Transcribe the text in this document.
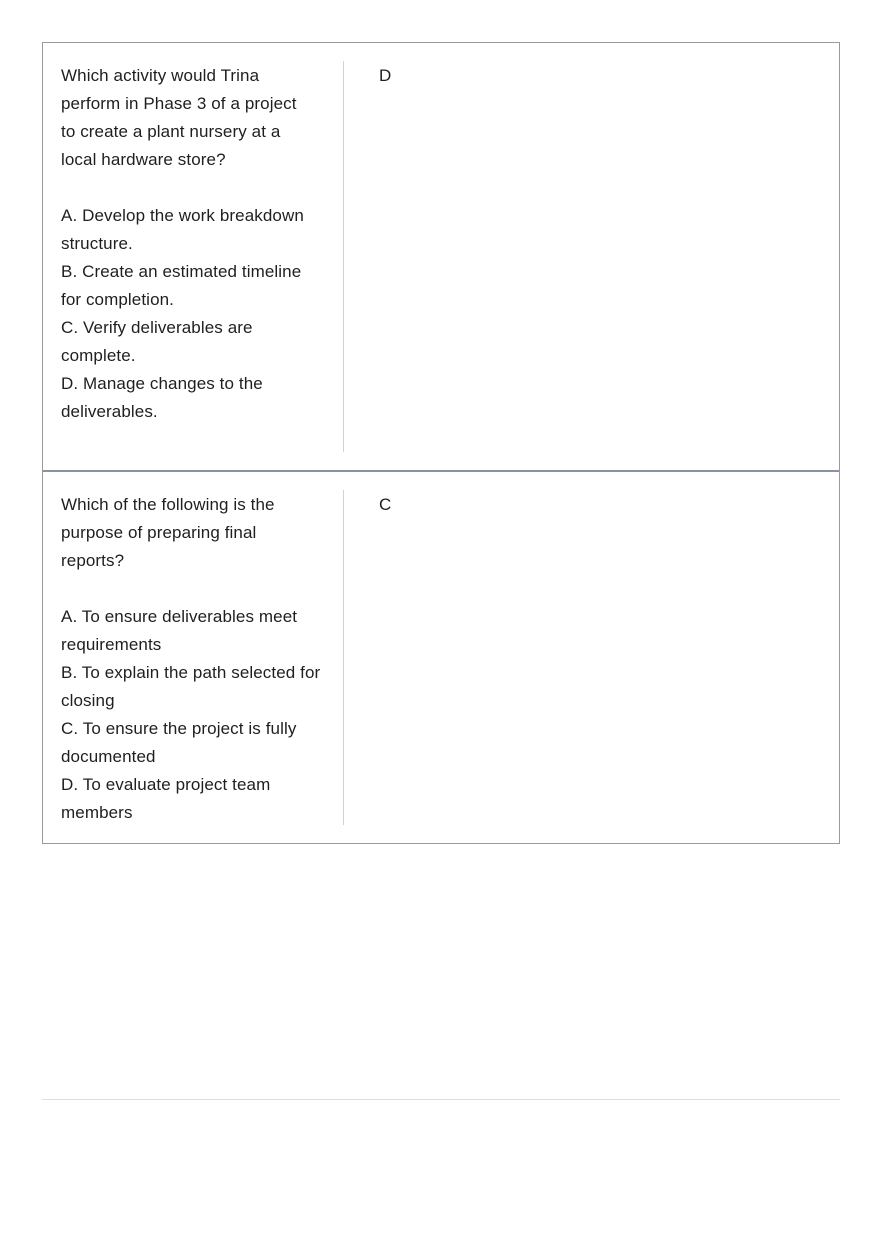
Which activity would Trina perform in Phase 3 of a project to create a plant nursery at a local hardware store?

A. Develop the work breakdown structure.

B. Create an estimated timeline for completion.

C. Verify deliverables are complete.

D. Manage changes to the deliverables.

D

Which of the following is the purpose of preparing final reports?

A. To ensure deliverables meet requirements

B. To explain the path selected for closing

C. To ensure the project is fully documented

D. To evaluate project team members

C
